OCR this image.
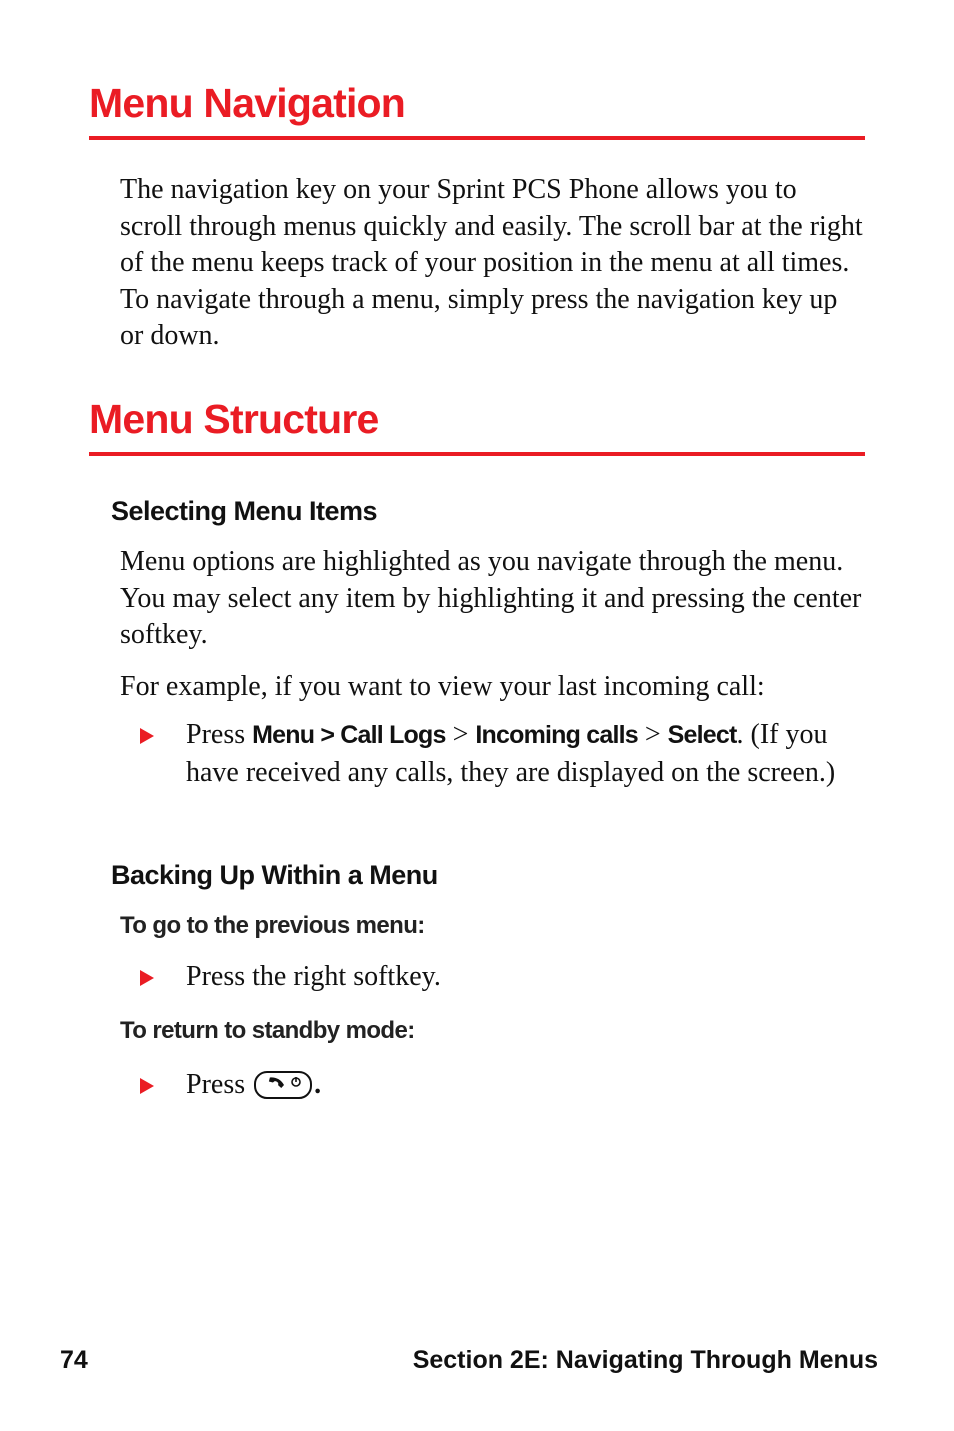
Menu Navigation

The navigation key on your Sprint PCS Phone allows you to scroll through menus quickly and easily. The scroll bar at the right of the menu keeps track of your position in the menu at all times. To navigate through a menu, simply press the navigation key up or down.

Menu Structure
Selecting Menu Items

Menu options are highlighted as you navigate through the menu. You may select any item by highlighting it and pressing the center softkey.

For example, if you want to view your last incoming call:

Press Menu > Call Logs > Incoming calls > Select. (If you have received any calls, they are displayed on the screen.)
Backing Up Within a Menu
To go to the previous menu:
Press the right softkey.
To return to standby mode:
Press .
74	Section 2E: Navigating Through Menus
